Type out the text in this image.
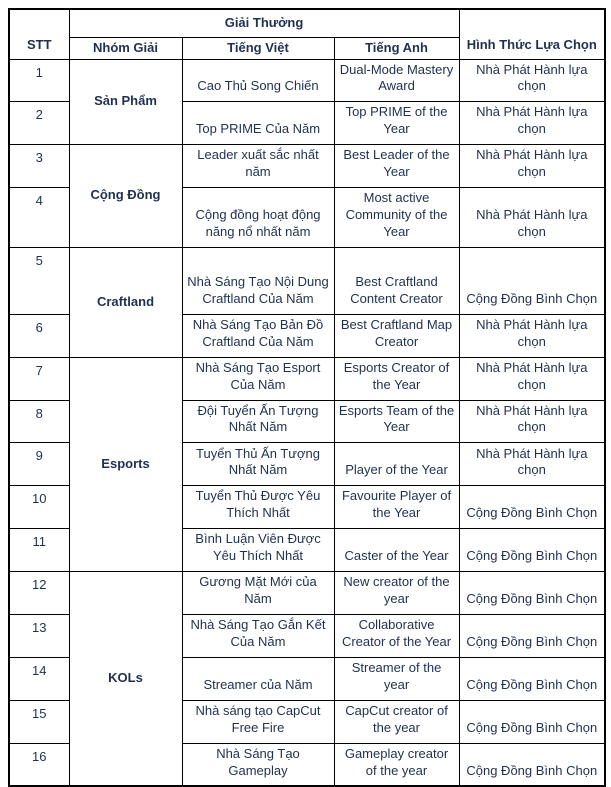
STT	Giải Thưởng			Hình Thức Lựa Chọn
	Nhóm Giải	Tiếng Việt	Tiếng Anh	
1	Sản Phẩm	Cao Thủ Song Chiến	Dual-Mode Mastery Award	Nhà Phát Hành lựa chọn
2		Top PRIME Của Năm	Top PRIME of the Year	Nhà Phát Hành lựa chọn
3	Cộng Đồng	Leader xuất sắc nhất năm	Best Leader of the Year	Nhà Phát Hành lựa chọn
4		Cộng đồng hoạt động năng nổ nhất năm	Most active Community of the Year	Nhà Phát Hành lựa chọn
5	Craftland	Nhà Sáng Tạo Nội Dung Craftland Của Năm	Best Craftland Content Creator	Cộng Đồng Bình Chọn
6		Nhà Sáng Tạo Bản Đồ Craftland Của Năm	Best Craftland Map Creator	Nhà Phát Hành lựa chọn
7	Esports	Nhà Sáng Tạo Esport Của Năm	Esports Creator of the Year	Nhà Phát Hành lựa chọn
8		Đội Tuyển Ấn Tượng Nhất Năm	Esports Team of the Year	Nhà Phát Hành lựa chọn
9		Tuyển Thủ Ấn Tượng Nhất Năm	Player of the Year	Nhà Phát Hành lựa chọn
10		Tuyển Thủ Được Yêu Thích Nhất	Favourite Player of the Year	Cộng Đồng Bình Chọn
11		Bình Luận Viên Được Yêu Thích Nhất	Caster of the Year	Cộng Đồng Bình Chọn
12	KOLs	Gương Mặt Mới của Năm	New creator of the year	Cộng Đồng Bình Chọn
13		Nhà Sáng Tạo Gắn Kết Của Năm	Collaborative Creator of the Year	Cộng Đồng Bình Chọn
14		Streamer của Năm	Streamer of the year	Cộng Đồng Bình Chọn
15		Nhà sáng tạo CapCut Free Fire	CapCut creator of the year	Cộng Đồng Bình Chọn
16		Nhà Sáng Tạo Gameplay	Gameplay creator of the year	Cộng Đồng Bình Chọn
